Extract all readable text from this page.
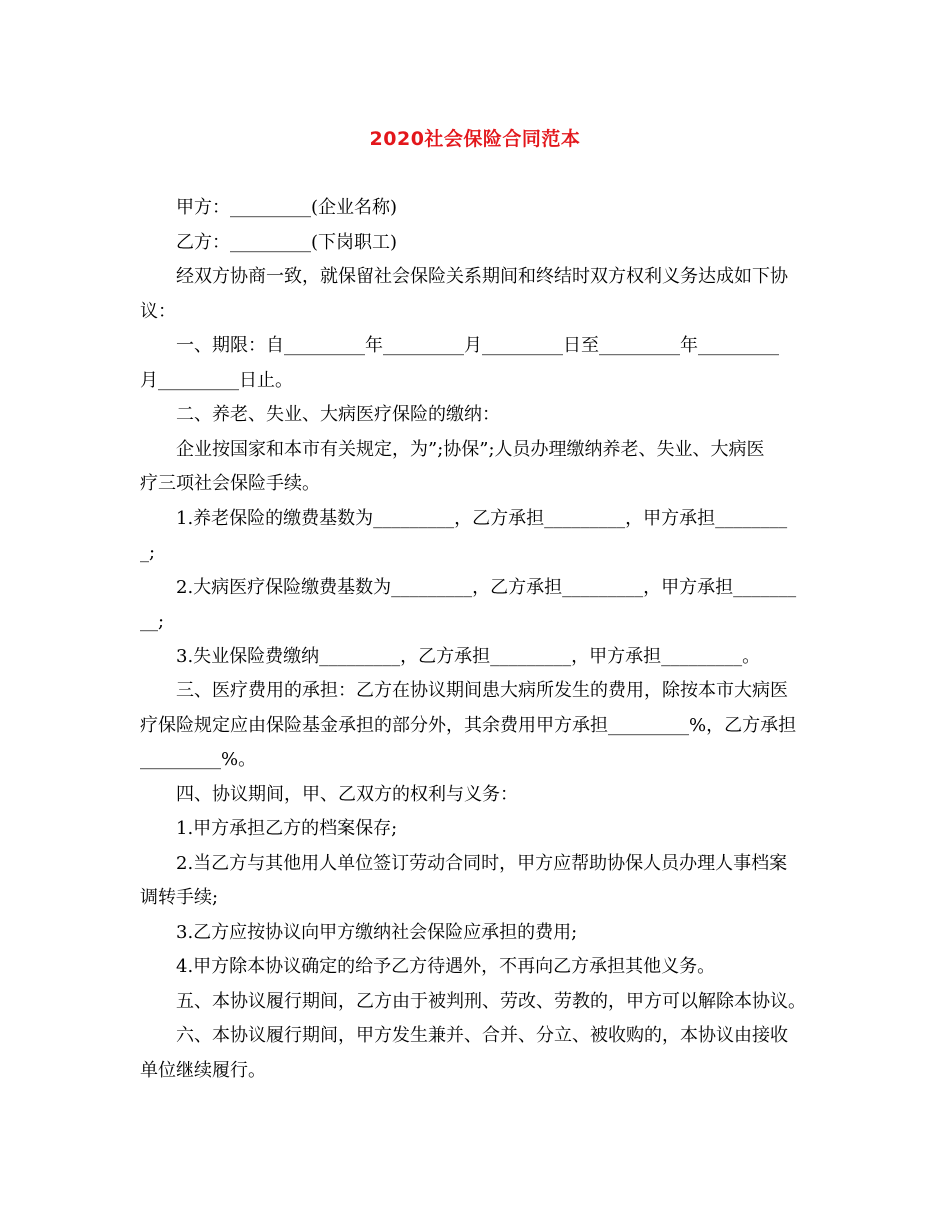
2020社会保险合同范本
甲方：_________(企业名称)
乙方：_________(下岗职工)
经双方协商一致，就保留社会保险关系期间和终结时双方权利义务达成如下协
议：
一、期限：自_________年_________月_________日至_________年_________
月_________日止。
二、养老、失业、大病医疗保险的缴纳：
企业按国家和本市有关规定，为”;协保”;人员办理缴纳养老、失业、大病医
疗三项社会保险手续。
1.养老保险的缴费基数为_________，乙方承担_________，甲方承担________
_;
2.大病医疗保险缴费基数为_________，乙方承担_________，甲方承担_______
__;
3.失业保险费缴纳_________，乙方承担_________，甲方承担_________。
三、医疗费用的承担：乙方在协议期间患大病所发生的费用，除按本市大病医
疗保险规定应由保险基金承担的部分外，其余费用甲方承担_________%，乙方承担
_________%。
四、协议期间，甲、乙双方的权利与义务：
1.甲方承担乙方的档案保存;
2.当乙方与其他用人单位签订劳动合同时，甲方应帮助协保人员办理人事档案
调转手续;
3.乙方应按协议向甲方缴纳社会保险应承担的费用;
4.甲方除本协议确定的给予乙方待遇外，不再向乙方承担其他义务。
五、本协议履行期间，乙方由于被判刑、劳改、劳教的，甲方可以解除本协议。
六、本协议履行期间，甲方发生兼并、合并、分立、被收购的，本协议由接收
单位继续履行。
